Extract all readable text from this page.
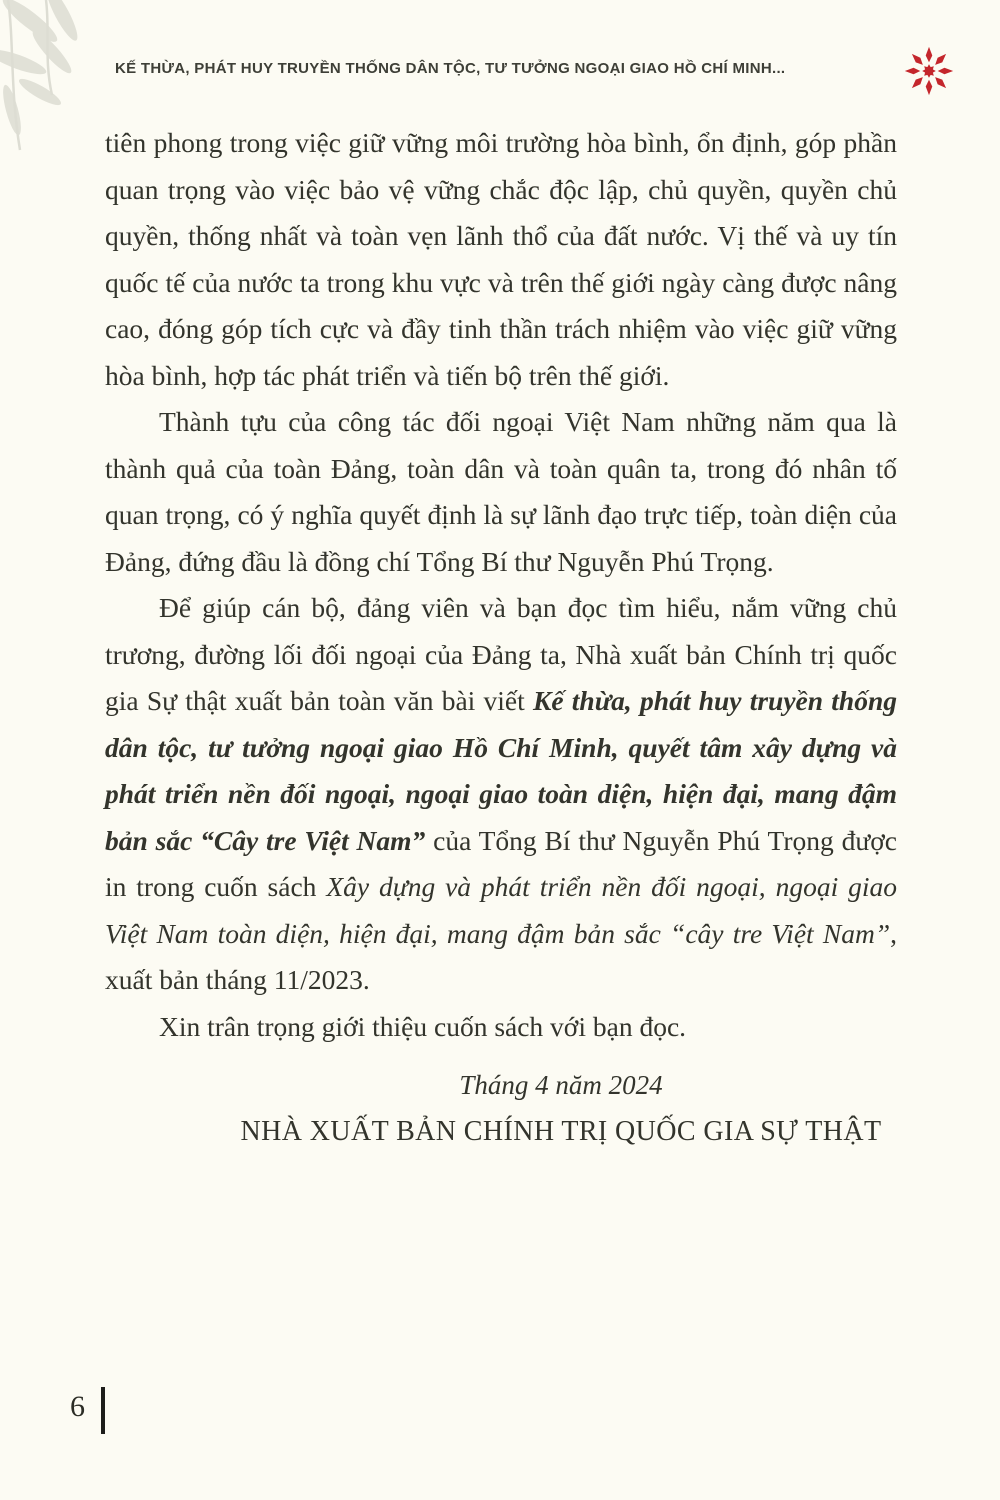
KẾ THỪA, PHÁT HUY TRUYỀN THỐNG DÂN TỘC, TƯ TƯỞNG NGOẠI GIAO HỒ CHÍ MINH...

tiên phong trong việc giữ vững môi trường hòa bình, ổn định, góp phần quan trọng vào việc bảo vệ vững chắc độc lập, chủ quyền, quyền chủ quyền, thống nhất và toàn vẹn lãnh thổ của đất nước. Vị thế và uy tín quốc tế của nước ta trong khu vực và trên thế giới ngày càng được nâng cao, đóng góp tích cực và đầy tinh thần trách nhiệm vào việc giữ vững hòa bình, hợp tác phát triển và tiến bộ trên thế giới.

Thành tựu của công tác đối ngoại Việt Nam những năm qua là thành quả của toàn Đảng, toàn dân và toàn quân ta, trong đó nhân tố quan trọng, có ý nghĩa quyết định là sự lãnh đạo trực tiếp, toàn diện của Đảng, đứng đầu là đồng chí Tổng Bí thư Nguyễn Phú Trọng.

Để giúp cán bộ, đảng viên và bạn đọc tìm hiểu, nắm vững chủ trương, đường lối đối ngoại của Đảng ta, Nhà xuất bản Chính trị quốc gia Sự thật xuất bản toàn văn bài viết Kế thừa, phát huy truyền thống dân tộc, tư tưởng ngoại giao Hồ Chí Minh, quyết tâm xây dựng và phát triển nền đối ngoại, ngoại giao toàn diện, hiện đại, mang đậm bản sắc “Cây tre Việt Nam” của Tổng Bí thư Nguyễn Phú Trọng được in trong cuốn sách Xây dựng và phát triển nền đối ngoại, ngoại giao Việt Nam toàn diện, hiện đại, mang đậm bản sắc “cây tre Việt Nam”, xuất bản tháng 11/2023.

Xin trân trọng giới thiệu cuốn sách với bạn đọc.

Tháng 4 năm 2024
NHÀ XUẤT BẢN CHÍNH TRỊ QUỐC GIA SỰ THẬT
6
